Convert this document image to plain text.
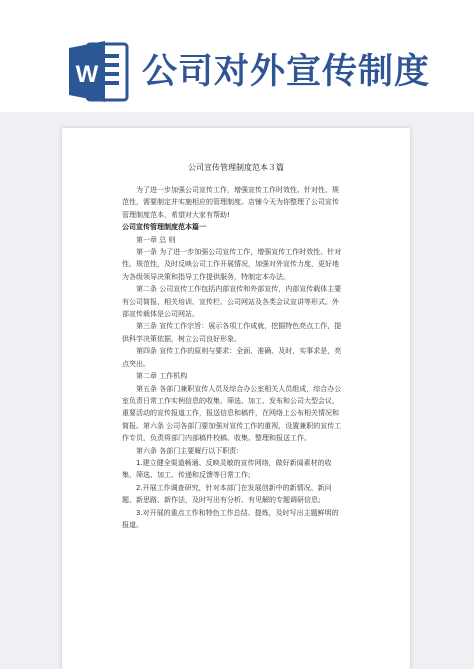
W 公司对外宣传制度
公司宣传管理制度范本３篇

为了进一步加强公司宣传工作，增强宣传工作时效性、针对性、规范性，需要制定并实施相应的管理制度。店铺今天为你整理了公司宣传管理制度范本，希望对大家有帮助!

公司宣传管理制度范本篇一

第一章 总 则

第一条 为了进一步加强公司宣传工作，增强宣传工作时效性、针对性、规范性，及时反映公司工作开展情况，加强对外宣传力度，更好地为各级领导决策和指导工作提供服务，特制定本办法。

第二条 公司宣传工作包括内部宣传和外部宣传，内部宣传载体主要有公司简报、相关培训、宣传栏、公司网站及各类会议宣讲等形式。外部宣传载体是公司网站。

第三条 宣传工作宗旨：展示各项工作成就，挖掘特色亮点工作，提供科学决策依据，树立公司良好形象。

第四条 宣传工作的原则与要求：全面、准确、及时，实事求是，亮点突出。

第二章 工作机构

第五条 各部门兼职宣传人员及综合办公室相关人员组成，综合办公室负责日常工作实例信息的收集、筛选、加工、发布和公司大型会议、重要活动的宣传报道工作，报送信息和稿件，在网络上公布相关情况和简报。第六条 公司各部门要加强对宣传工作的重视，设置兼职的宣传工作专员，负责将部门内部稿件校稿、收集、整理和报送工作。

第六条 各部门主要履行以下职责：

1.建立健全渠道畅通、反映灵敏的宣传网络，做好新闻素材的收集、筛选、加工、传递和反馈等日常工作;

2.开展工作调查研究，针对本部门在发展创新中的新情况、新问题、新思路、新作法，及时写出有分析、有见解的专题调研信息;

3.对开展的重点工作和特色工作总结、提炼，及时写出主题鲜明的报道。
